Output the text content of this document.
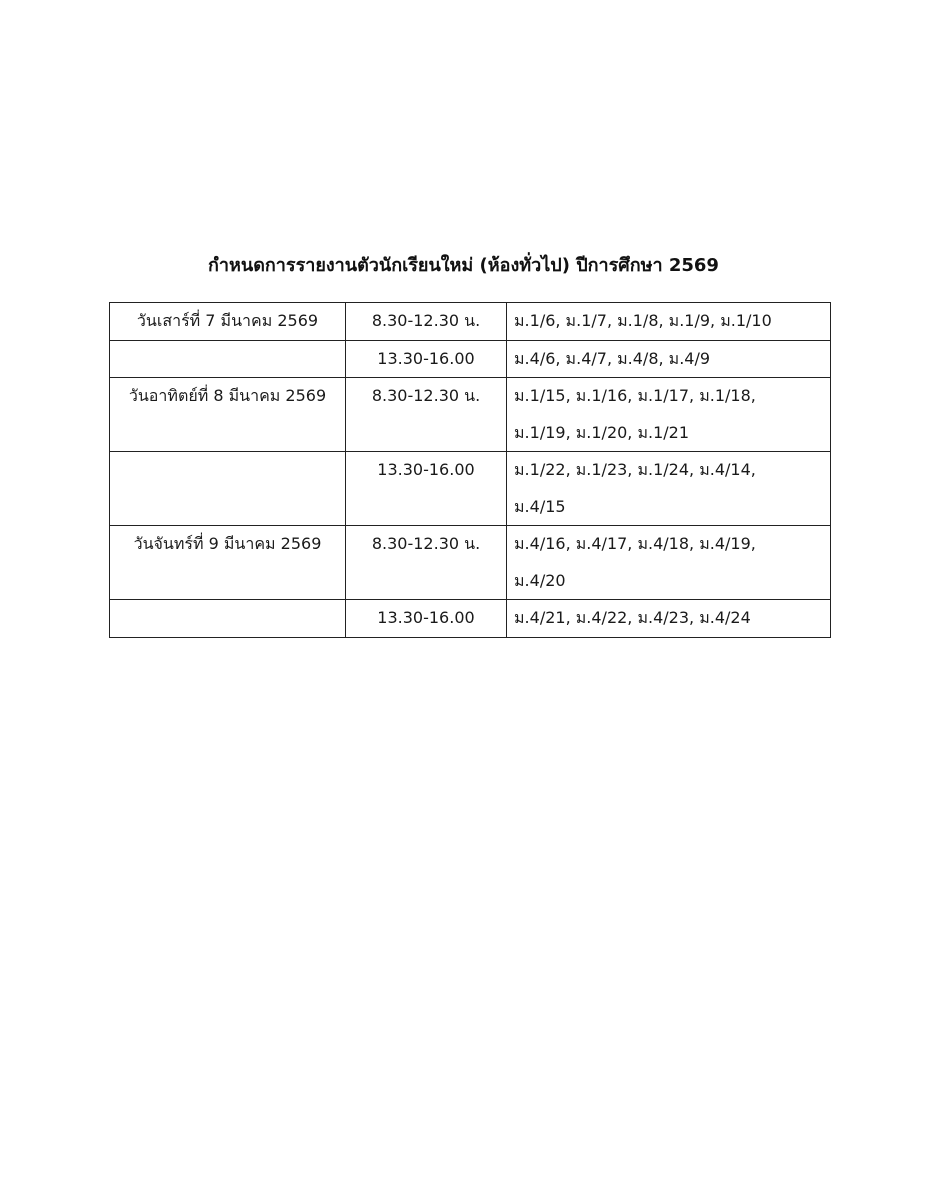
กำหนดการรายงานตัวนักเรียนใหม่ (ห้องทั่วไป) ปีการศึกษา 2569
วันเสาร์ที่ 7 มีนาคม 2569	8.30-12.30 น.	ม.1/6, ม.1/7, ม.1/8, ม.1/9, ม.1/10

	13.30-16.00	ม.4/6, ม.4/7, ม.4/8, ม.4/9

วันอาทิตย์ที่ 8 มีนาคม 2569	8.30-12.30 น.	ม.1/15, ม.1/16, ม.1/17, ม.1/18,
ม.1/19, ม.1/20, ม.1/21

	13.30-16.00	ม.1/22, ม.1/23, ม.1/24, ม.4/14,
ม.4/15

วันจันทร์ที่ 9 มีนาคม 2569	8.30-12.30 น.	ม.4/16, ม.4/17, ม.4/18, ม.4/19,
ม.4/20

	13.30-16.00	ม.4/21, ม.4/22, ม.4/23, ม.4/24
